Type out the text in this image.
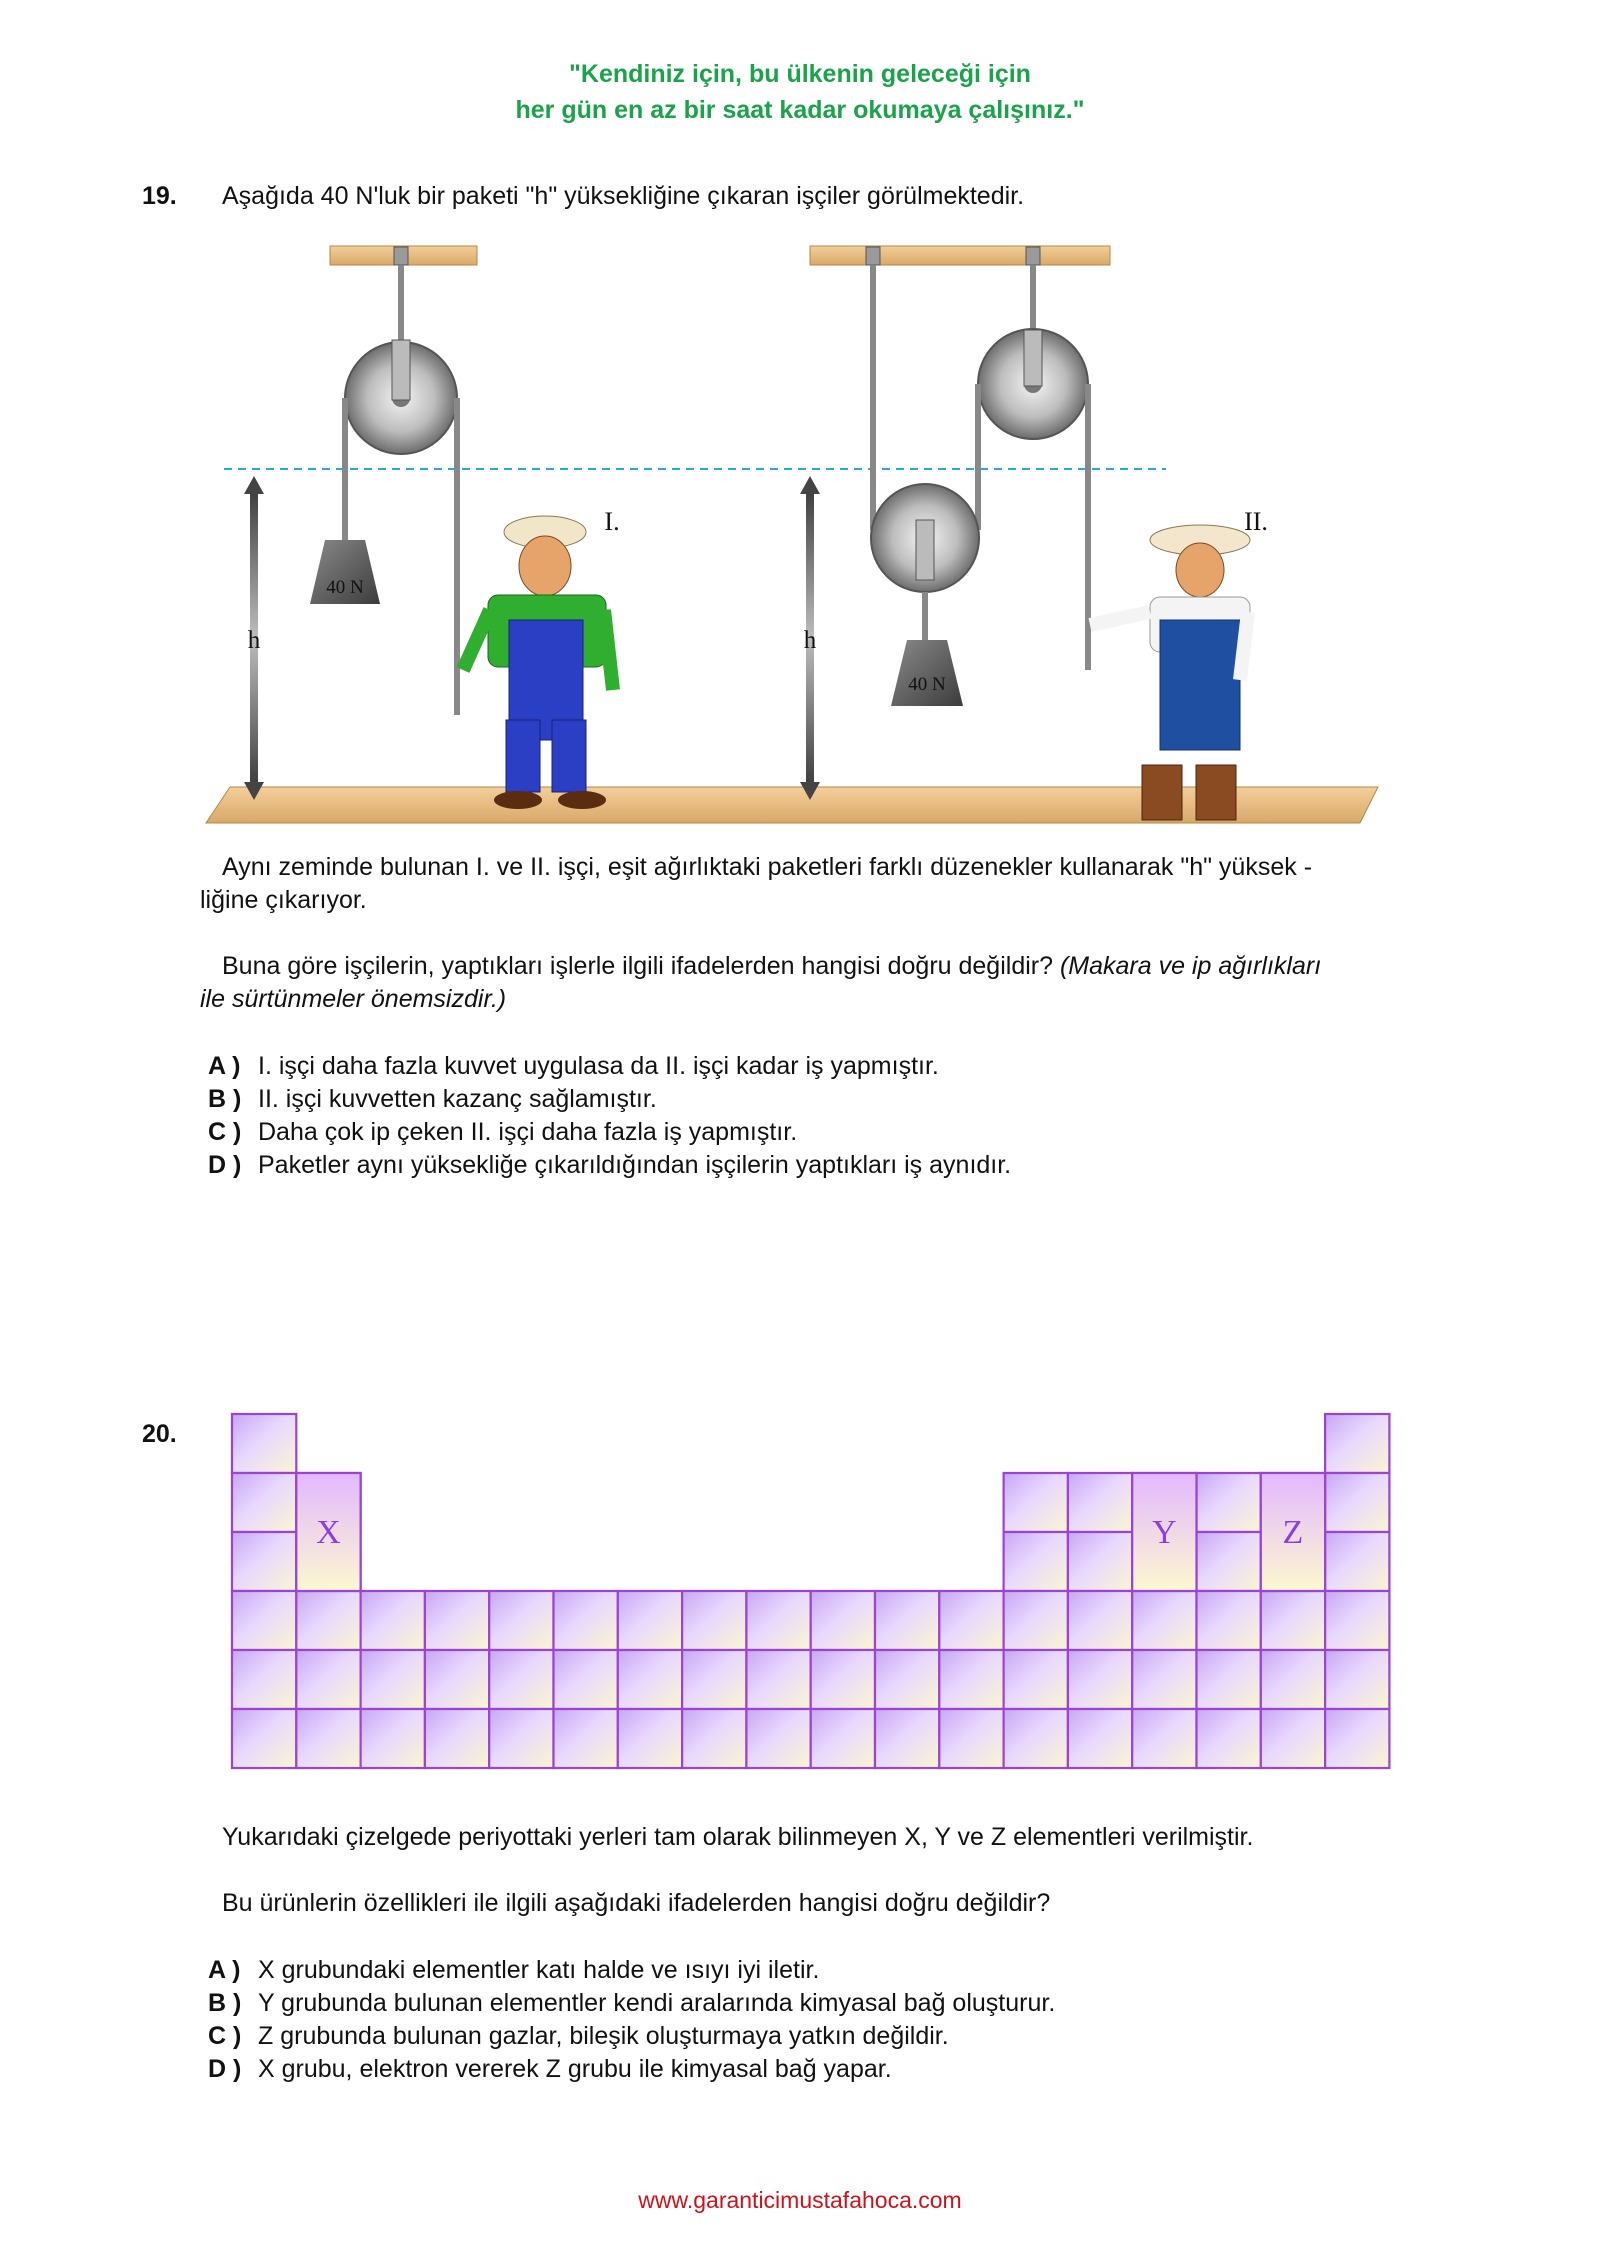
"Kendiniz için, bu ülkenin geleceği için
her gün en az bir saat kadar okumaya çalışınız."
19. Aşağıda 40 N'luk bir paketi "h" yüksekliğine çıkaran işçiler görülmektedir.
40 N
h
I.
40 N
h
II.
Aynı zeminde bulunan I. ve II. işçi, eşit ağırlıktaki paketleri farklı düzenekler kullanarak "h" yüksek -
liğine çıkarıyor.
Buna göre işçilerin, yaptıkları işlerle ilgili ifadelerden hangisi doğru değildir? (Makara ve ip ağırlıkları
ile sürtünmeler önemsizdir.)
A ) I. işçi daha fazla kuvvet uygulasa da II. işçi kadar iş yapmıştır.
B ) II. işçi kuvvetten kazanç sağlamıştır.
C ) Daha çok ip çeken II. işçi daha fazla iş yapmıştır.
D ) Paketler aynı yüksekliğe çıkarıldığından işçilerin yaptıkları iş aynıdır.
20.
X	Y	Z
Yukarıdaki çizelgede periyottaki yerleri tam olarak bilinmeyen X, Y ve Z elementleri verilmiştir.
Bu ürünlerin özellikleri ile ilgili aşağıdaki ifadelerden hangisi doğru değildir?
A ) X grubundaki elementler katı halde ve ısıyı iyi iletir.
B ) Y grubunda bulunan elementler kendi aralarında kimyasal bağ oluşturur.
C ) Z grubunda bulunan gazlar, bileşik oluşturmaya yatkın değildir.
D ) X grubu, elektron vererek Z grubu ile kimyasal bağ yapar.
www.garanticimustafahoca.com
